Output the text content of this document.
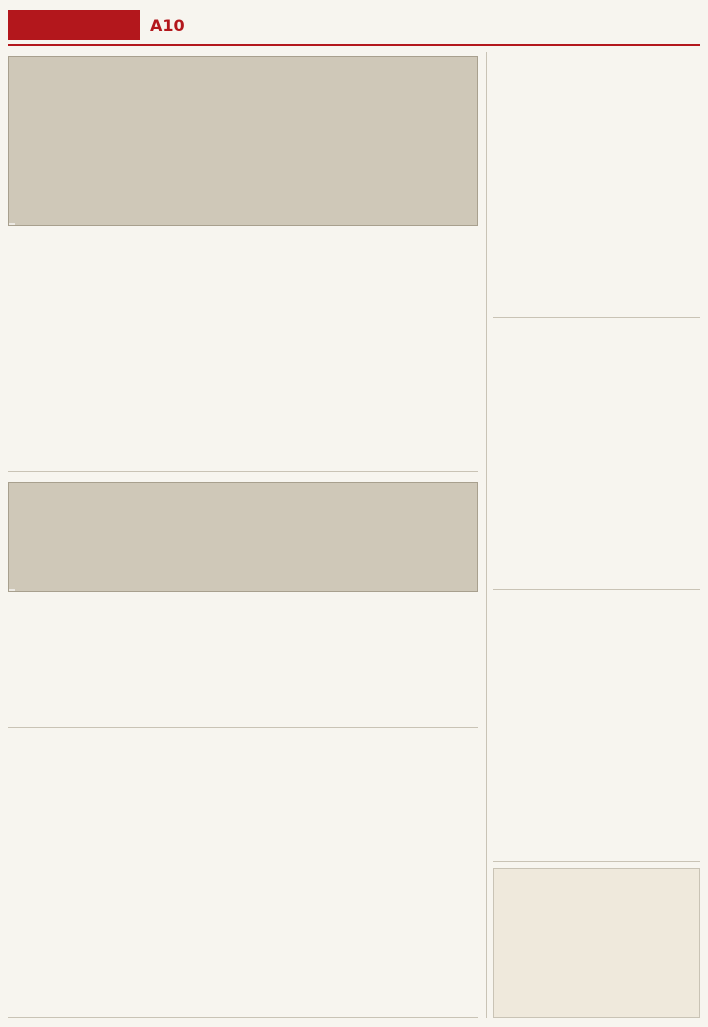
A10
